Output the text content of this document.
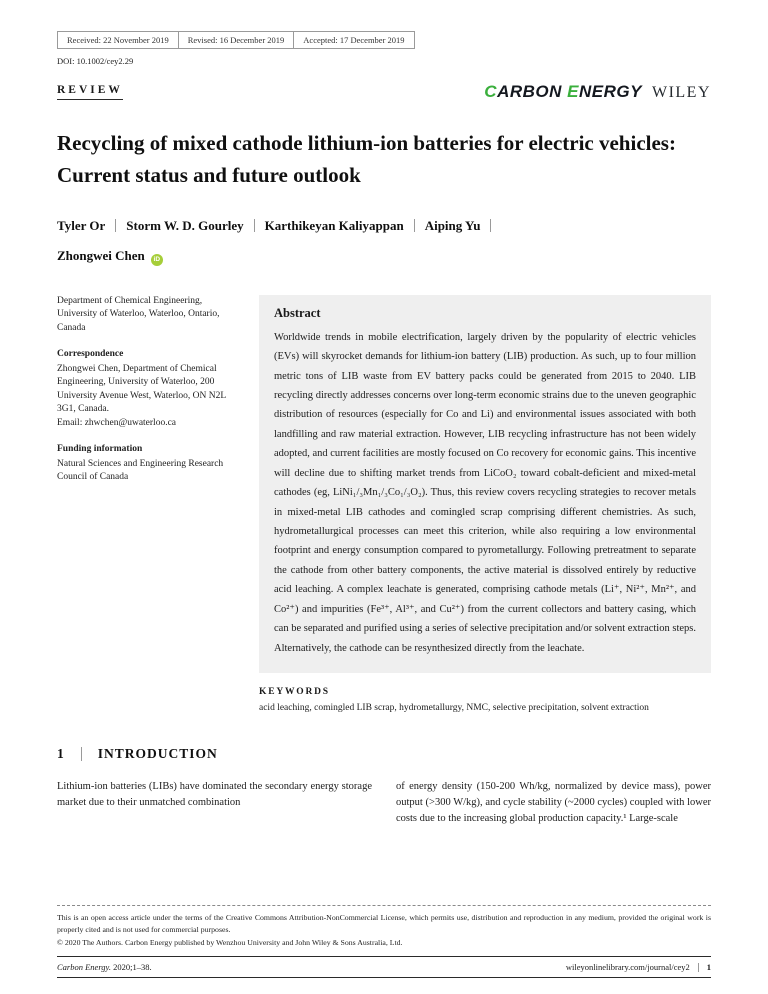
Received: 22 November 2019	Revised: 16 December 2019	Accepted: 17 December 2019
DOI: 10.1002/cey2.29
REVIEW	CARBON ENERGY WILEY
Recycling of mixed cathode lithium-ion batteries for electric vehicles: Current status and future outlook
Tyler Or Storm W. D. Gourley Karthikeyan Kaliyappan Aiping Yu
Zhongwei Chen iD

Department of Chemical Engineering, University of Waterloo, Waterloo, Ontario, Canada

Correspondence
Zhongwei Chen, Department of Chemical Engineering, University of Waterloo, 200 University Avenue West, Waterloo, ON N2L 3G1, Canada.
Email: zhwchen@uwaterloo.ca
Funding information
Natural Sciences and Engineering Research Council of Canada
Abstract
Worldwide trends in mobile electrification, largely driven by the popularity of electric vehicles (EVs) will skyrocket demands for lithium-ion battery (LIB) production. As such, up to four million metric tons of LIB waste from EV battery packs could be generated from 2015 to 2040. LIB recycling directly addresses concerns over long-term economic strains due to the uneven geographic distribution of resources (especially for Co and Li) and environmental issues associated with both landfilling and raw material extraction. However, LIB recycling infrastructure has not been widely adopted, and current facilities are mostly focused on Co recovery for economic gains. This incentive will decline due to shifting market trends from LiCoO₂ toward cobalt-deficient and mixed-metal cathodes (eg, LiNi₁/₃Mn₁/₃Co₁/₃O₂). Thus, this review covers recycling strategies to recover metals in mixed-metal LIB cathodes and comingled scrap comprising different chemistries. As such, hydrometallurgical processes can meet this criterion, while also requiring a low environmental footprint and energy consumption compared to pyrometallurgy. Following pretreatment to separate the cathode from other battery components, the active material is dissolved entirely by reductive acid leaching. A complex leachate is generated, comprising cathode metals (Li⁺, Ni²⁺, Mn²⁺, and Co²⁺) and impurities (Fe³⁺, Al³⁺, and Cu²⁺) from the current collectors and battery casing, which can be separated and purified using a series of selective precipitation and/or solvent extraction steps. Alternatively, the cathode can be resynthesized directly from the leachate.
KEYWORDS
acid leaching, comingled LIB scrap, hydrometallurgy, NMC, selective precipitation, solvent extraction
1 INTRODUCTION

Lithium-ion batteries (LIBs) have dominated the secondary energy storage market due to their unmatched combination

of energy density (150-200 Wh/kg, normalized by device mass), power output (>300 W/kg), and cycle stability (~2000 cycles) coupled with lower costs due to the increasing global production capacity.¹ Large-scale

This is an open access article under the terms of the Creative Commons Attribution-NonCommercial License, which permits use, distribution and reproduction in any medium, provided the original work is properly cited and is not used for commercial purposes.

© 2020 The Authors. Carbon Energy published by Wenzhou University and John Wiley & Sons Australia, Ltd.

Carbon Energy. 2020;1–38.	wileyonlinelibrary.com/journal/cey2 1
